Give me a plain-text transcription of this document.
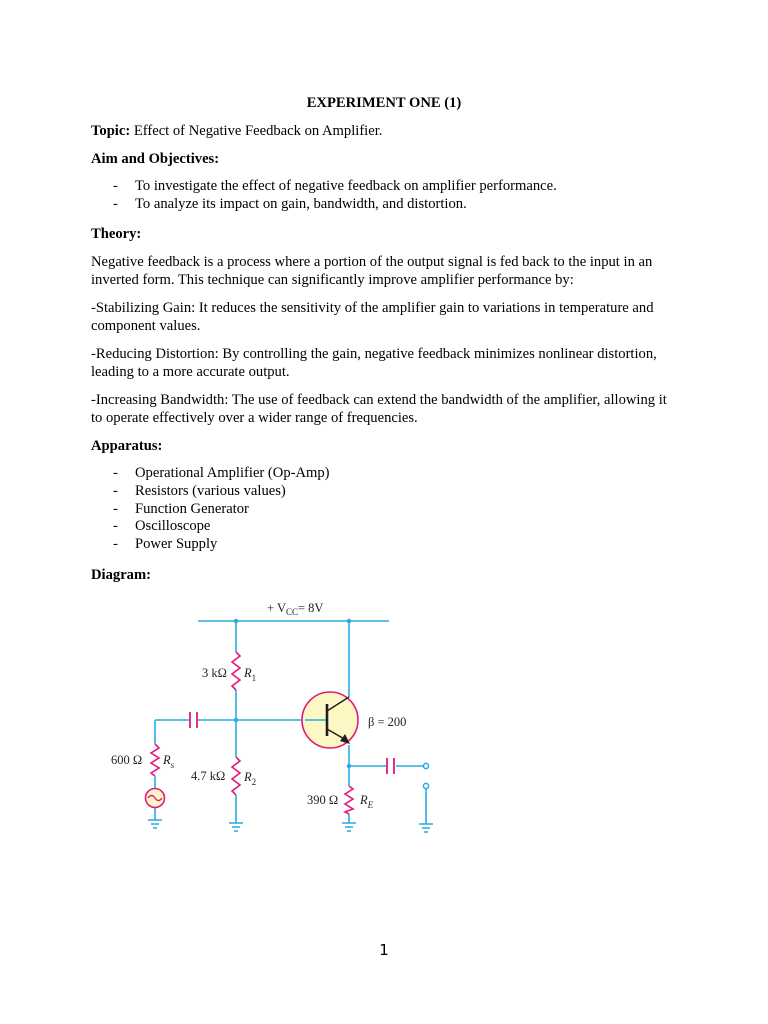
EXPERIMENT ONE (1)

Topic: Effect of Negative Feedback on Amplifier.

Aim and Objectives:

- To investigate the effect of negative feedback on amplifier performance.
- To analyze its impact on gain, bandwidth, and distortion.

Theory:

Negative feedback is a process where a portion of the output signal is fed back to the input in an inverted form. This technique can significantly improve amplifier performance by:

-Stabilizing Gain: It reduces the sensitivity of the amplifier gain to variations in temperature and component values.

-Reducing Distortion: By controlling the gain, negative feedback minimizes nonlinear distortion, leading to a more accurate output.

-Increasing Bandwidth: The use of feedback can extend the bandwidth of the amplifier, allowing it to operate effectively over a wider range of frequencies.

Apparatus:

- Operational Amplifier (Op-Amp)
- Resistors (various values)
- Function Generator
- Oscilloscope
- Power Supply

Diagram:

+ $V_{CC}= 8V$
3 kΩ $R_1$
β = 200
600 Ω $R_s$
4.7 kΩ $R_2$
390 Ω $R_E$
1
